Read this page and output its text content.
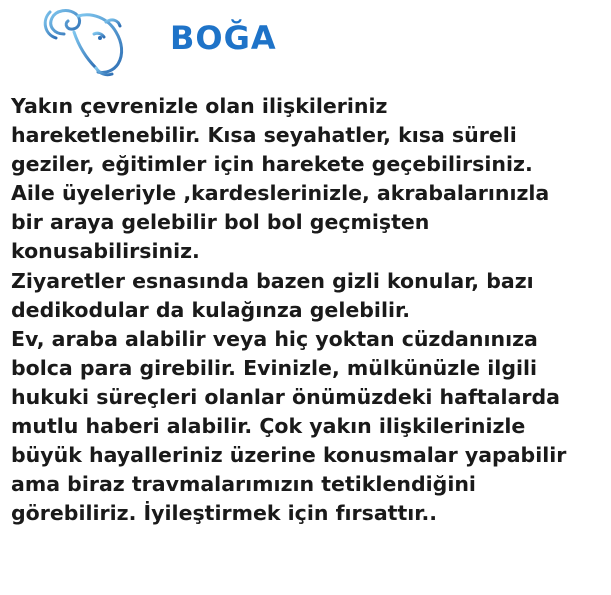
BOĞA
Yakın çevrenizle olan ilişkileriniz
hareketlenebilir. Kısa seyahatler, kısa süreli
geziler, eğitimler için harekete geçebilirsiniz.
Aile üyeleriyle ,kardeslerinizle, akrabalarınızla
bir araya gelebilir bol bol geçmişten
konusabilirsiniz.
Ziyaretler esnasında bazen gizli konular, bazı
dedikodular da kulağınza gelebilir.
Ev, araba alabilir veya hiç yoktan cüzdanınıza
bolca para girebilir. Evinizle, mülkünüzle ilgili
hukuki süreçleri olanlar önümüzdeki haftalarda
mutlu haberi alabilir. Çok yakın ilişkilerinizle
büyük hayalleriniz üzerine konusmalar yapabilir
ama biraz travmalarımızın tetiklendiğini
görebiliriz. İyileştirmek için fırsattır..
